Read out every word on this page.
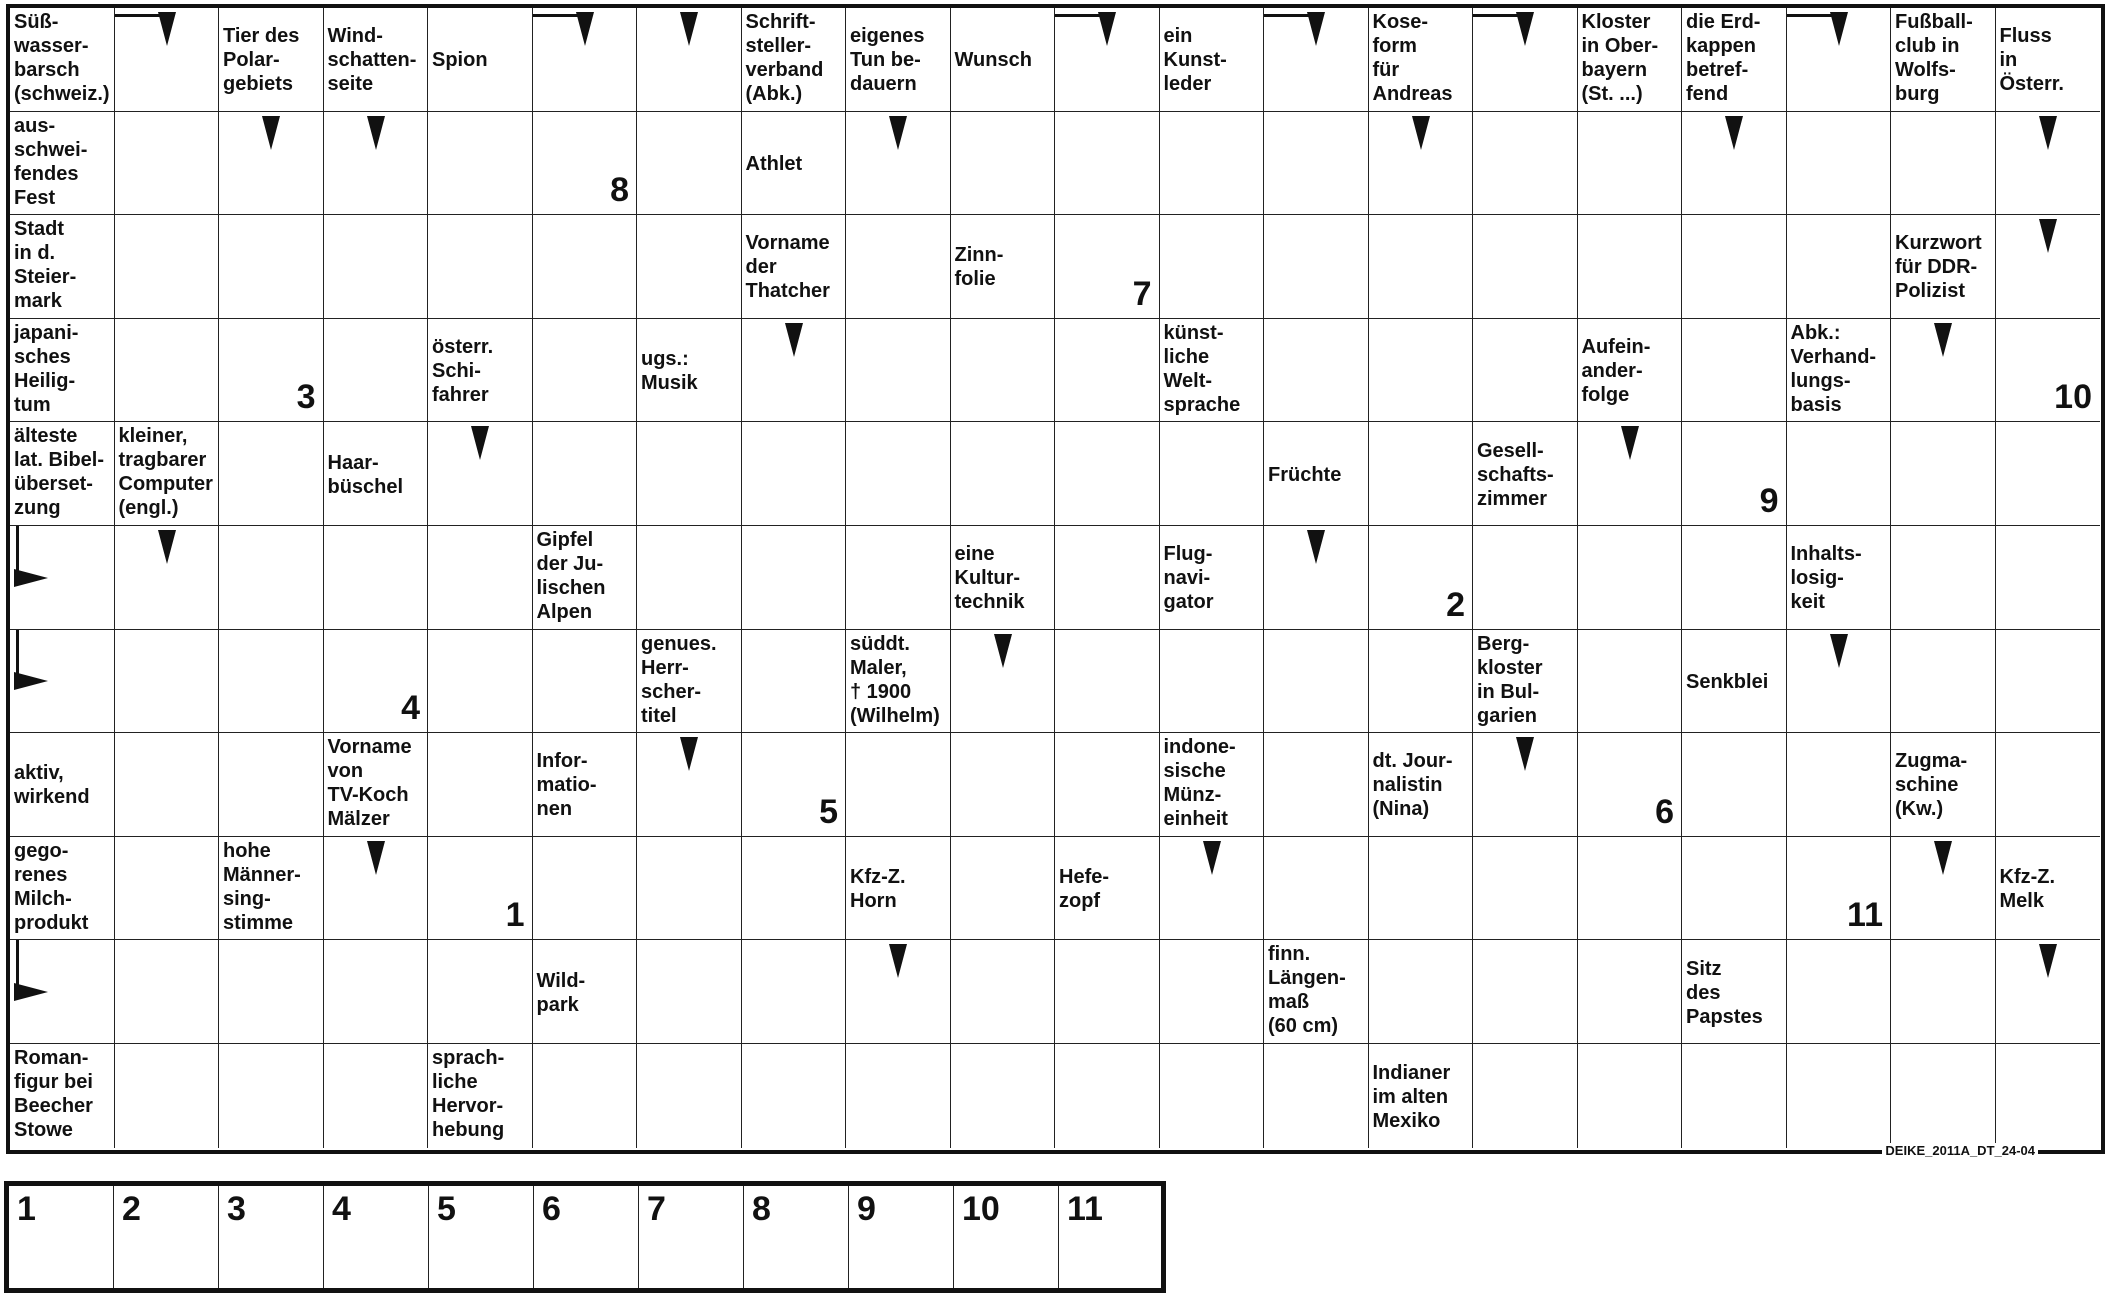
Süß-
wasser-
barsch
(schweiz.)
Tier des
Polar-
gebiets
Wind-
schatten-
seite
Spion
Schrift-
steller-
verband
(Abk.)
eigenes
Tun be-
dauern
Wunsch
ein
Kunst-
leder
Kose-
form
für
Andreas
Kloster
in Ober-
bayern
(St. ...)
die Erd-
kappen
betref-
fend
Fußball-
club in
Wolfs-
burg
Fluss
in
Österr.
aus-
schwei-
fendes
Fest
Athlet
Stadt
in d.
Steier-
mark
Vorname
der
Thatcher
Zinn-
folie
Kurzwort
für DDR-
Polizist
japani-
sches
Heilig-
tum
österr.
Schi-
fahrer
ugs.:
Musik
künst-
liche
Welt-
sprache
Aufein-
ander-
folge
Abk.:
Verhand-
lungs-
basis
älteste
lat. Bibel-
überset-
zung
kleiner,
tragbarer
Computer
(engl.)
Haar-
büschel
Früchte
Gesell-
schafts-
zimmer
Gipfel
der Ju-
lischen
Alpen
eine
Kultur-
technik
Flug-
navi-
gator
Inhalts-
losig-
keit
genues.
Herr-
scher-
titel
süddt.
Maler,
† 1900
(Wilhelm)
Berg-
kloster
in Bul-
garien
Senkblei
aktiv,
wirkend
Vorname
von
TV-Koch
Mälzer
Infor-
matio-
nen
indone-
sische
Münz-
einheit
dt. Jour-
nalistin
(Nina)
Zugma-
schine
(Kw.)
gego-
renes
Milch-
produkt
hohe
Männer-
sing-
stimme
Kfz-Z.
Horn
Hefe-
zopf
Kfz-Z.
Melk
Wild-
park
finn.
Längen-
maß
(60 cm)
Sitz
des
Papstes
Roman-
figur bei
Beecher
Stowe
sprach-
liche
Hervor-
hebung
Indianer
im alten
Mexiko
1
2
3
4
5	6
7
8
9
10
11
DEIKE_2011A_DT_24-04
1	2	3	4	5	6	7	8	9	10	11
